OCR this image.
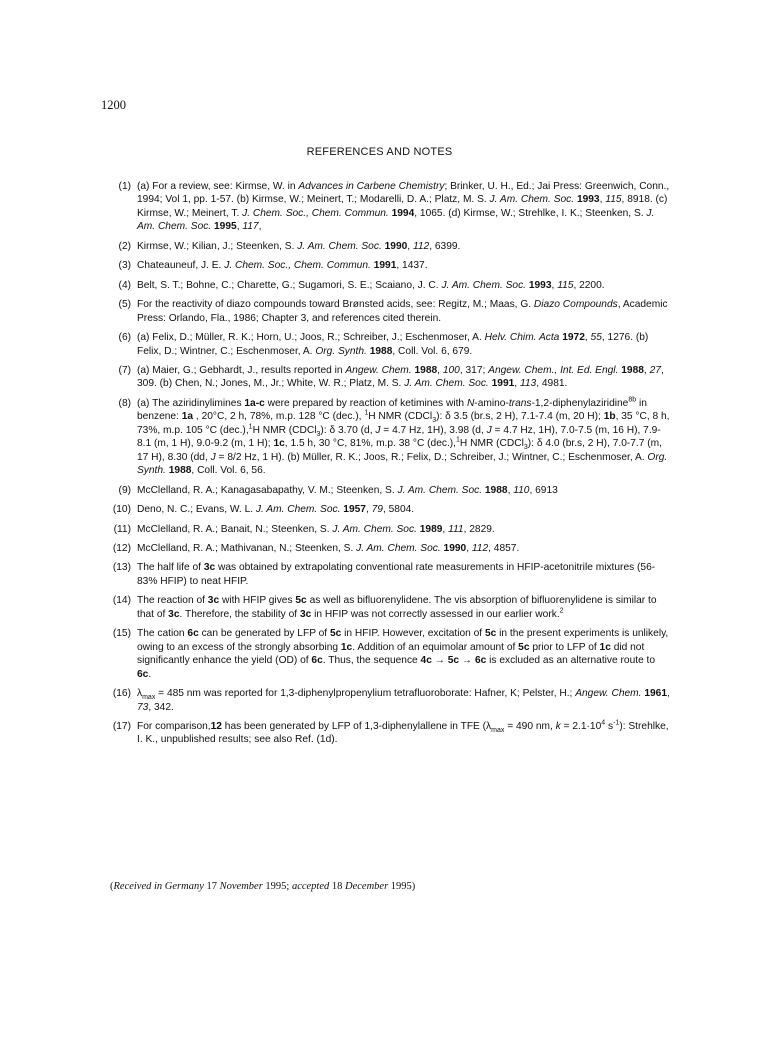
1200
REFERENCES AND NOTES
(1) (a) For a review, see: Kirmse, W. in Advances in Carbene Chemistry; Brinker, U. H., Ed.; Jai Press: Greenwich, Conn., 1994; Vol 1, pp. 1-57. (b) Kirmse, W.; Meinert, T.; Modarelli, D. A.; Platz, M. S. J. Am. Chem. Soc. 1993, 115, 8918. (c) Kirmse, W.; Meinert, T. J. Chem. Soc., Chem. Commun. 1994, 1065. (d) Kirmse, W.; Strehlke, I. K.; Steenken, S. J. Am. Chem. Soc. 1995, 117,
(2) Kirmse, W.; Kilian, J.; Steenken, S. J. Am. Chem. Soc. 1990, 112, 6399.
(3) Chateauneuf, J. E. J. Chem. Soc., Chem. Commun. 1991, 1437.
(4) Belt, S. T.; Bohne, C.; Charette, G.; Sugamori, S. E.; Scaiano, J. C. J. Am. Chem. Soc. 1993, 115, 2200.
(5) For the reactivity of diazo compounds toward Brønsted acids, see: Regitz, M.; Maas, G. Diazo Compounds, Academic Press: Orlando, Fla., 1986; Chapter 3, and references cited therein.
(6) (a) Felix, D.; Müller, R. K.; Horn, U.; Joos, R.; Schreiber, J.; Eschenmoser, A. Helv. Chim. Acta 1972, 55, 1276. (b) Felix, D.; Wintner, C.; Eschenmoser, A. Org. Synth. 1988, Coll. Vol. 6, 679.
(7) (a) Maier, G.; Gebhardt, J., results reported in Angew. Chem. 1988, 100, 317; Angew. Chem., Int. Ed. Engl. 1988, 27, 309. (b) Chen, N.; Jones, M., Jr.; White, W. R.; Platz, M. S. J. Am. Chem. Soc. 1991, 113, 4981.
(8) (a) The aziridinylimines 1a-c were prepared by reaction of ketimines with N-amino-trans-1,2-diphenylaziridine$^{8b}$ in benzene: 1a , 20°C, 2 h, 78%, m.p. 128 °C (dec.), $^1$H NMR (CDCl$_3$): δ 3.5 (br.s, 2 H), 7.1-7.4 (m, 20 H); 1b, 35 °C, 8 h, 73%, m.p. 105 °C (dec.),$^1$H NMR (CDCl$_3$): δ 3.70 (d, J = 4.7 Hz, 1H), 3.98 (d, J = 4.7 Hz, 1H), 7.0-7.5 (m, 16 H), 7.9-8.1 (m, 1 H), 9.0-9.2 (m, 1 H); 1c, 1.5 h, 30 °C, 81%, m.p. 38 °C (dec.),$^1$H NMR (CDCl$_3$): δ 4.0 (br.s, 2 H), 7.0-7.7 (m, 17 H), 8.30 (dd, J = 8/2 Hz, 1 H). (b) Müller, R. K.; Joos, R.; Felix, D.; Schreiber, J.; Wintner, C.; Eschenmoser, A. Org. Synth. 1988, Coll. Vol. 6, 56.
(9) McClelland, R. A.; Kanagasabapathy, V. M.; Steenken, S. J. Am. Chem. Soc. 1988, 110, 6913
(10) Deno, N. C.; Evans, W. L. J. Am. Chem. Soc. 1957, 79, 5804.
(11) McClelland, R. A.; Banait, N.; Steenken, S. J. Am. Chem. Soc. 1989, 111, 2829.
(12) McClelland, R. A.; Mathivanan, N.; Steenken, S. J. Am. Chem. Soc. 1990, 112, 4857.
(13) The half life of 3c was obtained by extrapolating conventional rate measurements in HFIP-acetonitrile mixtures (56-83% HFIP) to neat HFIP.
(14) The reaction of 3c with HFIP gives 5c as well as bifluorenylidene. The vis absorption of bifluorenylidene is similar to that of 3c. Therefore, the stability of 3c in HFIP was not correctly assessed in our earlier work.$^2$
(15) The cation 6c can be generated by LFP of 5c in HFIP. However, excitation of 5c in the present experiments is unlikely, owing to an excess of the strongly absorbing 1c. Addition of an equimolar amount of 5c prior to LFP of 1c did not significantly enhance the yield (OD) of 6c. Thus, the sequence 4c → 5c → 6c is excluded as an alternative route to 6c.
(16) $\lambda_{max} = 485$ nm was reported for 1,3-diphenylpropenylium tetrafluoroborate: Hafner, K; Pelster, H.; Angew. Chem. 1961, 73, 342.
(17) For comparison,12 has been generated by LFP of 1,3-diphenylallene in TFE ($\lambda_{max} = 490$ nm, $k = 2.1\cdot 10^4$ $s^{-1}$): Strehlke, I. K., unpublished results; see also Ref. (1d).
(Received in Germany 17 November 1995; accepted 18 December 1995)
